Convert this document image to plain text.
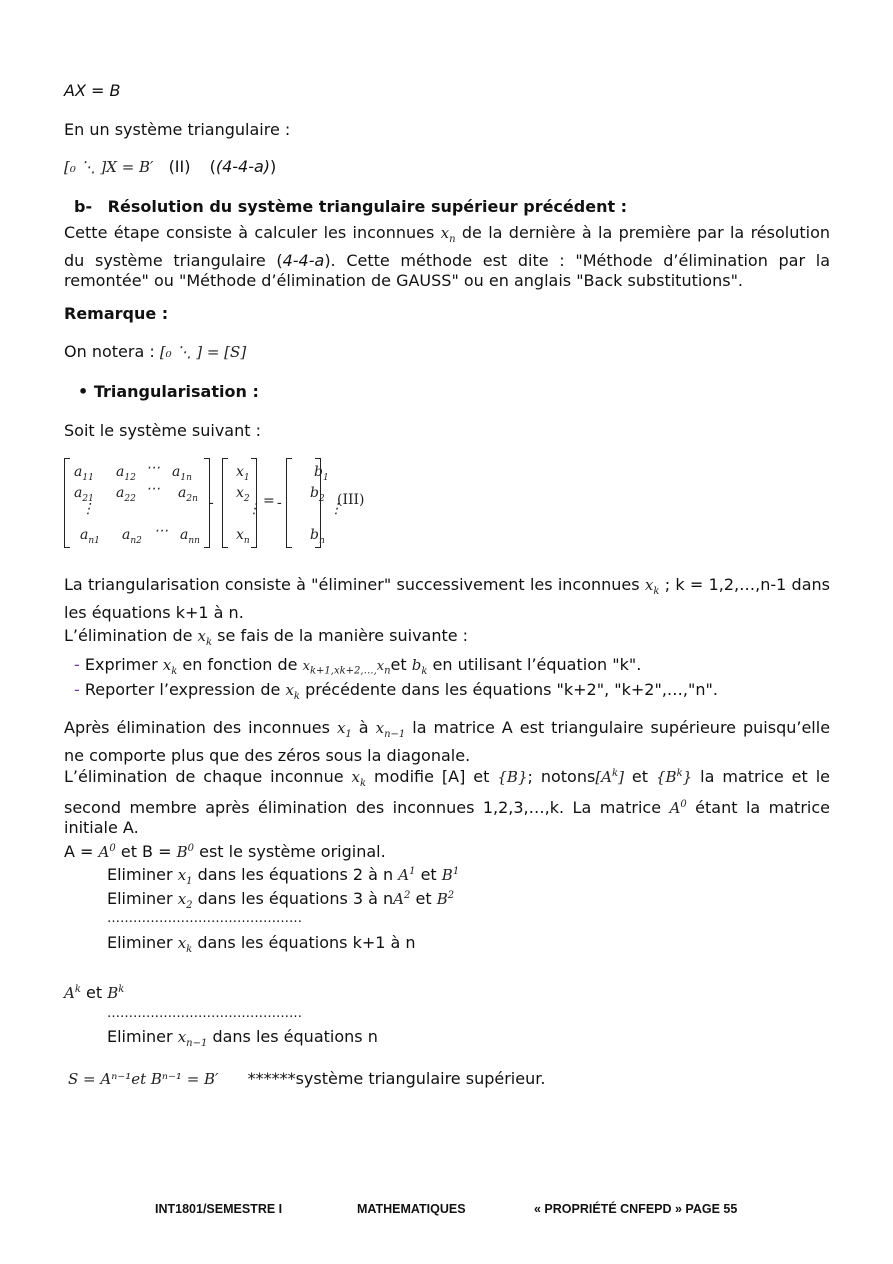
AX = B
En un système triangulaire :
[₀ ⋱ ]X = B′ (II) ((4-4-a))
b- Résolution du système triangulaire supérieur précédent :
Cette étape consiste à calculer les inconnues $x_n$ de la dernière à la première par la résolution du système triangulaire (4-4-a). Cette méthode est dite : "Méthode d’élimination par la remontée" ou "Méthode d’élimination de GAUSS" ou en anglais "Back substitutions".
Remarque :
On notera : [₀ ⋱ ] = [S]
• Triangularisation :
Soit le système suivant :
$a_{11}$ $a_{12}$
⋯ $a_{1n}$
$a_{21}$ $a_{22}$
⋯ $a_{2n}$
⋮
$a_{n1}$ $a_{n2}$
⋯ $a_{nn}$
-
$x_1$
$x_2$
⋮
$x_n$
= -
$b_1$
$b_2$
⋮
$b_n$
(III)
La triangularisation consiste à "éliminer" successivement les inconnues $x_k$ ; k = 1,2,…,n-1 dans les équations k+1 à n.
L’élimination de $x_k$ se fais de la manière suivante :
- Exprimer $x_k$ en fonction de $x_{k+1,xk+2,\dots,}x_net$ $b_k$ en utilisant l’équation "k".
- Reporter l’expression de $x_k$ précédente dans les équations "k+2", "k+2",…,"n".
Après élimination des inconnues $x_1$ à $x_{n-1}$ la matrice A est triangulaire supérieure puisqu’elle ne comporte plus que des zéros sous la diagonale.
L’élimination de chaque inconnue $x_k$ modifie [A] et {B}; $notons[A^k]$ et $\{B^k\}$ la matrice et le second membre après élimination des inconnues 1,2,3,…,k. La matrice $A^0$ étant la matrice initiale A.
$A = A^0$ et $B = B^0$ est le système original.
Eliminer $x_1$ dans les équations 2 à n $A^1$ et $B^1$
Eliminer $x_2$ dans les équations 3 à $nA^2$ et $B^2$
………………………………………
Eliminer $x_k$ dans les équations k+1 à n
$A^k$ et $B^k$
………………………………………
Eliminer $x_{n-1}$ dans les équations n
S = Aⁿ⁻¹et Bⁿ⁻¹ = B′ ******système triangulaire supérieur.
INT1801/SEMESTRE I	MATHEMATIQUES	« PROPRIÉTÉ CNFEPD » PAGE 55
